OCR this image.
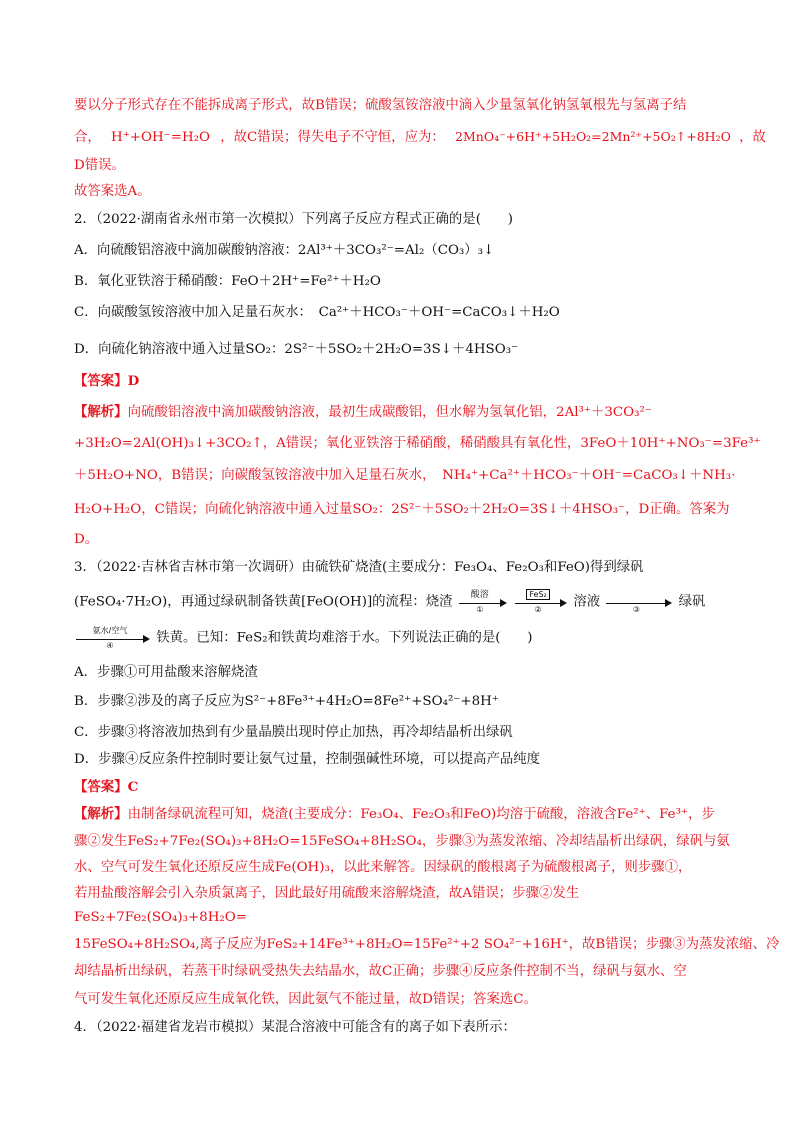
要以分子形式存在不能拆成离子形式，故B错误；硫酸氢铵溶液中滴入少量氢氧化钠氢氧根先与氢离子结
合， H⁺+OH⁻=H₂O ，故C错误；得失电子不守恒，应为： 2MnO₄⁻+6H⁺+5H₂O₂=2Mn²⁺+5O₂↑+8H₂O ，故
D错误。
故答案选A。
2．（2022·湖南省永州市第一次模拟）下列离子反应方程式正确的是(　　)
A．向硫酸铝溶液中滴加碳酸钠溶液：2Al³⁺＋3CO₃²⁻=Al₂（CO₃）₃↓
B．氧化亚铁溶于稀硝酸：FeO＋2H⁺=Fe²⁺＋H₂O
C．向碳酸氢铵溶液中加入足量石灰水：　Ca²⁺＋HCO₃⁻＋OH⁻=CaCO₃↓＋H₂O
D．向硫化钠溶液中通入过量SO₂：2S²⁻＋5SO₂＋2H₂O=3S↓＋4HSO₃⁻
【答案】D
【解析】向硫酸铝溶液中滴加碳酸钠溶液，最初生成碳酸铝，但水解为氢氧化铝，2Al³⁺＋3CO₃²⁻
+3H₂O=2Al(OH)₃↓+3CO₂↑，A错误；氧化亚铁溶于稀硝酸，稀硝酸具有氧化性，3FeO＋10H⁺+NO₃⁻=3Fe³⁺
＋5H₂O+NO，B错误；向碳酸氢铵溶液中加入足量石灰水，　NH₄⁺+Ca²⁺＋HCO₃⁻＋OH⁻=CaCO₃↓＋NH₃·
H₂O+H₂O，C错误；向硫化钠溶液中通入过量SO₂：2S²⁻＋5SO₂＋2H₂O=3S↓＋4HSO₃⁻，D正确。答案为
D。
3．（2022·吉林省吉林市第一次调研）由硫铁矿烧渣(主要成分：Fe₃O₄、Fe₂O₃和FeO)得到绿矾
(FeSO₄·7H₂O)，再通过绿矾制备铁黄[FeO(OH)]的流程：烧渣	酸溶
①

FeS₂
②	溶液	③	绿矾
氨水/空气
④	铁黄。已知：FeS₂和铁黄均难溶于水。下列说法正确的是(　　)
A．步骤①可用盐酸来溶解烧渣
B．步骤②涉及的离子反应为S²⁻+8Fe³⁺+4H₂O=8Fe²⁺+SO₄²⁻+8H⁺
C．步骤③将溶液加热到有少量晶膜出现时停止加热，再冷却结晶析出绿矾
D．步骤④反应条件控制时要让氨气过量，控制强碱性环境，可以提高产品纯度
【答案】C
【解析】由制备绿矾流程可知，烧渣(主要成分：Fe₃O₄、Fe₂O₃和FeO)均溶于硫酸，溶液含Fe²⁺、Fe³⁺，步
骤②发生FeS₂+7Fe₂(SO₄)₃+8H₂O=15FeSO₄+8H₂SO₄，步骤③为蒸发浓缩、冷却结晶析出绿矾，绿矾与氨
水、空气可发生氧化还原反应生成Fe(OH)₃，以此来解答。因绿矾的酸根离子为硫酸根离子，则步骤①，
若用盐酸溶解会引入杂质氯离子，因此最好用硫酸来溶解烧渣，故A错误；步骤②发生
FeS₂+7Fe₂(SO₄)₃+8H₂O=
15FeSO₄+8H₂SO₄,离子反应为FeS₂+14Fe³⁺+8H₂O=15Fe²⁺+2 SO₄²⁻+16H⁺，故B错误；步骤③为蒸发浓缩、冷
却结晶析出绿矾，若蒸干时绿矾受热失去结晶水，故C正确；步骤④反应条件控制不当，绿矾与氨水、空
气可发生氧化还原反应生成氧化铁，因此氨气不能过量，故D错误；答案选C。
4．（2022·福建省龙岩市模拟）某混合溶液中可能含有的离子如下表所示：
